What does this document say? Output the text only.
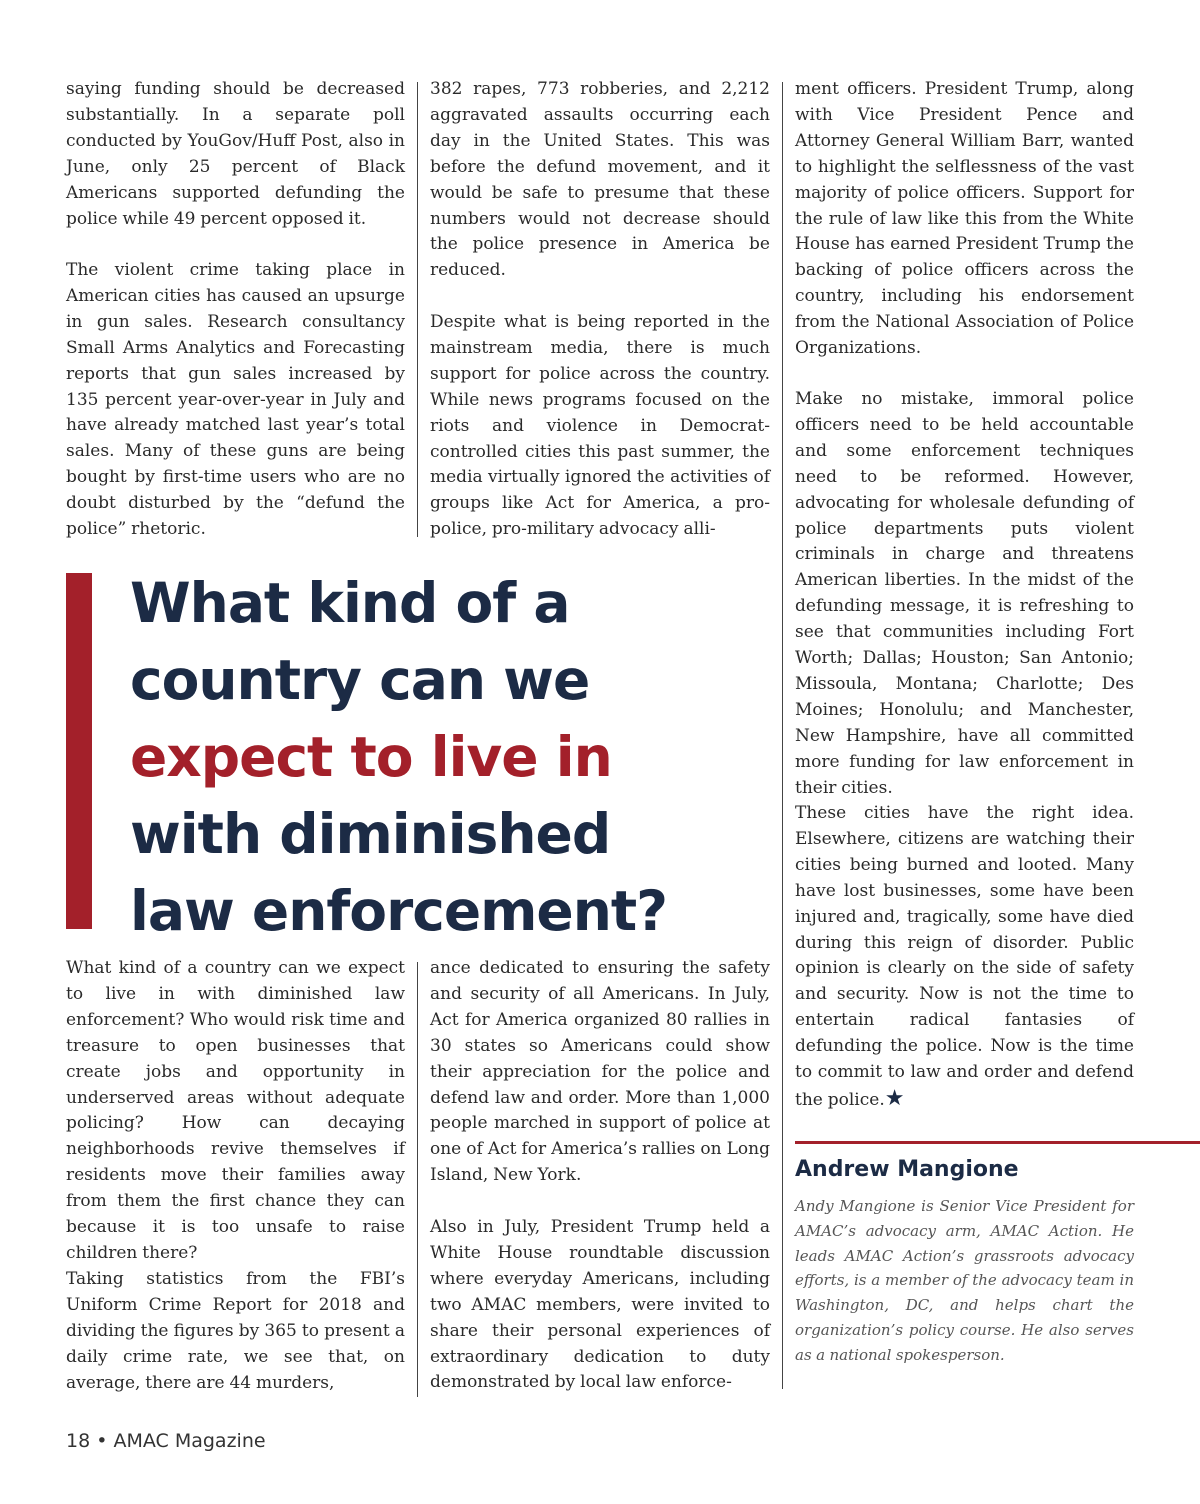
saying funding should be decreased substantially. In a separate poll conducted by YouGov/Huff Post, also in June, only 25 percent of Black Americans supported defunding the police while 49 percent opposed it.

The violent crime taking place in American cities has caused an upsurge in gun sales. Research consultancy Small Arms Analytics and Forecasting reports that gun sales increased by 135 percent year-over-year in July and have already matched last year’s total sales. Many of these guns are being bought by first-time users who are no doubt disturbed by the “defund the police” rhetoric.

382 rapes, 773 robberies, and 2,212 aggravated assaults occurring each day in the United States. This was before the defund movement, and it would be safe to presume that these numbers would not decrease should the police presence in America be reduced.

Despite what is being reported in the mainstream media, there is much support for police across the country. While news programs focused on the riots and violence in Democrat-controlled cities this past summer, the media virtually ignored the activities of groups like Act for America, a pro-police, pro-military advocacy alli-

What kind of a
country can we
expect to live in
with diminished
law enforcement?

What kind of a country can we expect to live in with diminished law enforcement? Who would risk time and treasure to open businesses that create jobs and opportunity in underserved areas without adequate policing? How can decaying neighborhoods revive themselves if residents move their families away from them the first chance they can because it is too unsafe to raise children there?

Taking statistics from the FBI’s Uniform Crime Report for 2018 and dividing the figures by 365 to present a daily crime rate, we see that, on average, there are 44 murders,

ance dedicated to ensuring the safety and security of all Americans. In July, Act for America organized 80 rallies in 30 states so Americans could show their appreciation for the police and defend law and order. More than 1,000 people marched in support of police at one of Act for America’s rallies on Long Island, New York.

Also in July, President Trump held a White House roundtable discussion where everyday Americans, including two AMAC members, were invited to share their personal experiences of extraordinary dedication to duty demonstrated by local law enforce-

ment officers. President Trump, along with Vice President Pence and Attorney General William Barr, wanted to highlight the selflessness of the vast majority of police officers. Support for the rule of law like this from the White House has earned President Trump the backing of police officers across the country, including his endorsement from the National Association of Police Organizations.

Make no mistake, immoral police officers need to be held accountable and some enforcement techniques need to be reformed. However, advocating for wholesale defunding of police departments puts violent criminals in charge and threatens American liberties. In the midst of the defunding message, it is refreshing to see that communities including Fort Worth; Dallas; Houston; San Antonio; Missoula, Montana; Charlotte; Des Moines; Honolulu; and Manchester, New Hampshire, have all committed more funding for law enforcement in their cities.

These cities have the right idea. Elsewhere, citizens are watching their cities being burned and looted. Many have lost businesses, some have been injured and, tragically, some have died during this reign of disorder. Public opinion is clearly on the side of safety and security. Now is not the time to entertain radical fantasies of defunding the police. Now is the time to commit to law and order and defend the police.★

Andrew Mangione

Andy Mangione is Senior Vice President for AMAC’s advocacy arm, AMAC Action. He leads AMAC Action’s grassroots advocacy efforts, is a member of the advocacy team in Washington, DC, and helps chart the organization’s policy course. He also serves as a national spokesperson.

18 • AMAC Magazine
